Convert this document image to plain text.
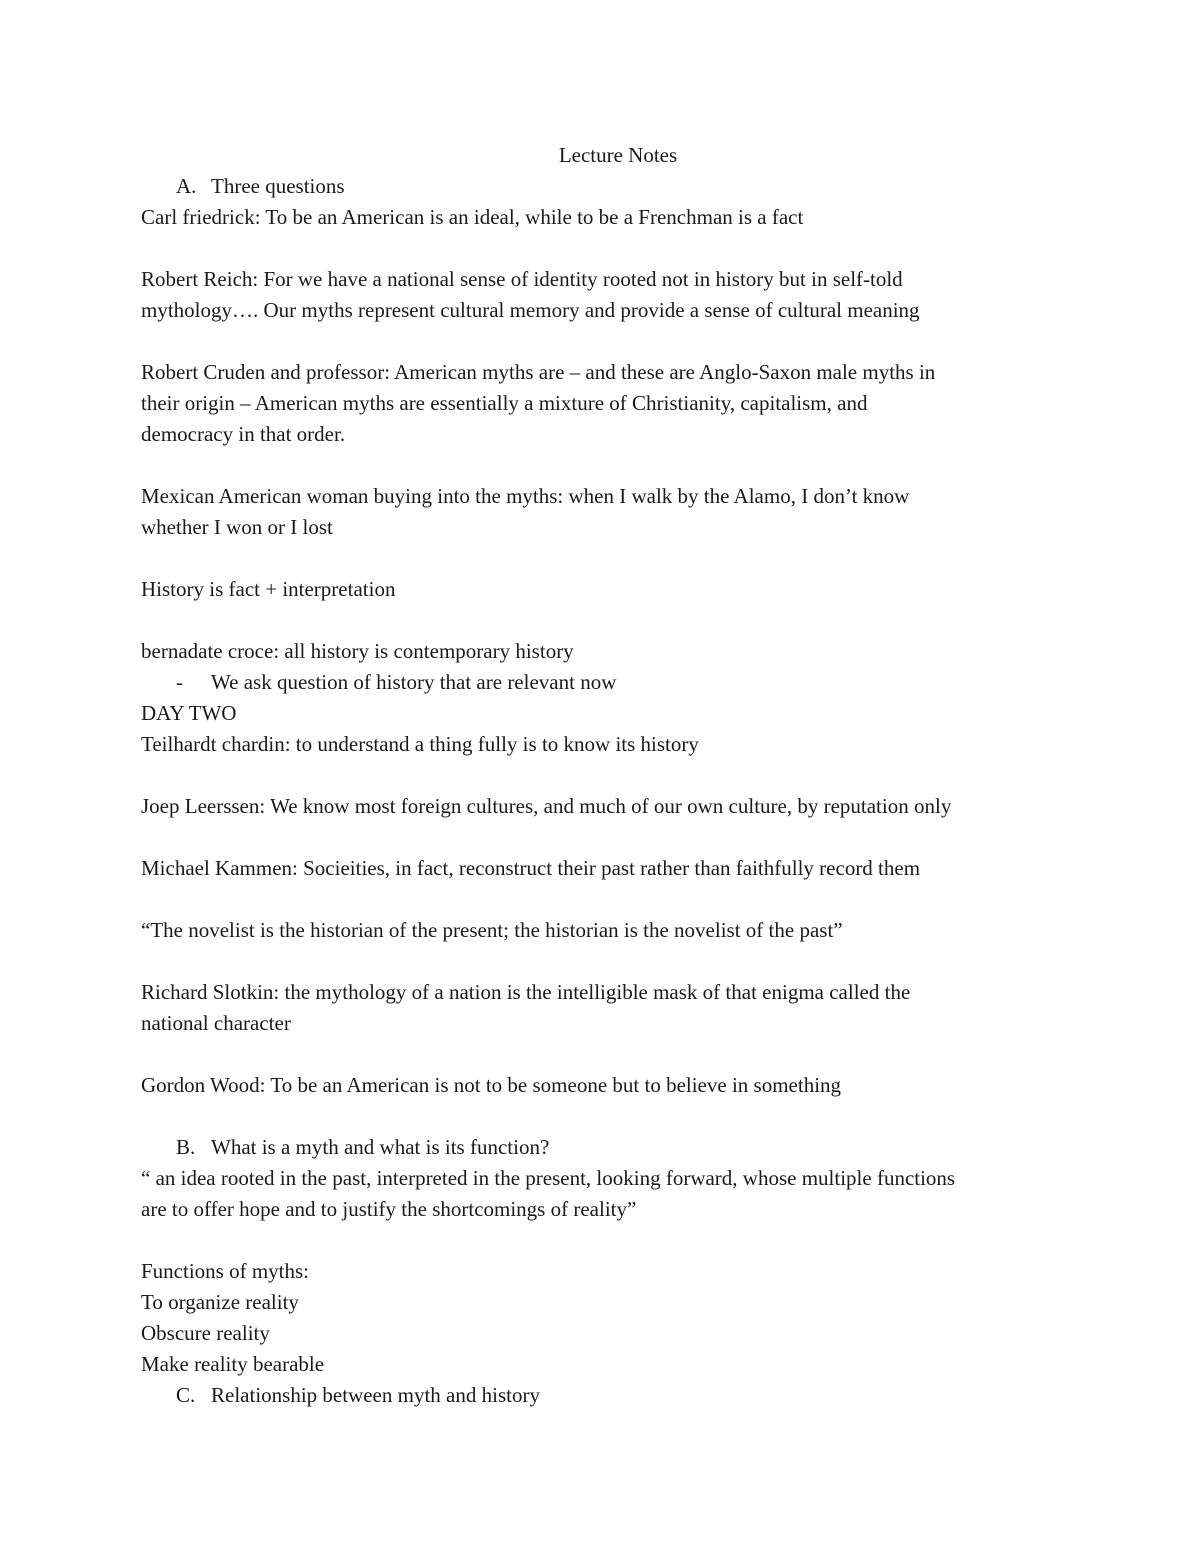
Lecture Notes
A. Three questions
Carl friedrick: To be an American is an ideal, while to be a Frenchman is a fact
Robert Reich: For we have a national sense of identity rooted not in history but in self-told
mythology…. Our myths represent cultural memory and provide a sense of cultural meaning
Robert Cruden and professor: American myths are – and these are Anglo-Saxon male myths in
their origin – American myths are essentially a mixture of Christianity, capitalism, and
democracy in that order.
Mexican American woman buying into the myths: when I walk by the Alamo, I don’t know
whether I won or I lost
History is fact + interpretation
bernadate croce: all history is contemporary history
- We ask question of history that are relevant now
DAY TWO
Teilhardt chardin: to understand a thing fully is to know its history
Joep Leerssen: We know most foreign cultures, and much of our own culture, by reputation only
Michael Kammen: Socieities, in fact, reconstruct their past rather than faithfully record them
“The novelist is the historian of the present; the historian is the novelist of the past”
Richard Slotkin: the mythology of a nation is the intelligible mask of that enigma called the
national character
Gordon Wood: To be an American is not to be someone but to believe in something
B. What is a myth and what is its function?
“ an idea rooted in the past, interpreted in the present, looking forward, whose multiple functions
are to offer hope and to justify the shortcomings of reality”
Functions of myths:
To organize reality
Obscure reality
Make reality bearable
C. Relationship between myth and history
